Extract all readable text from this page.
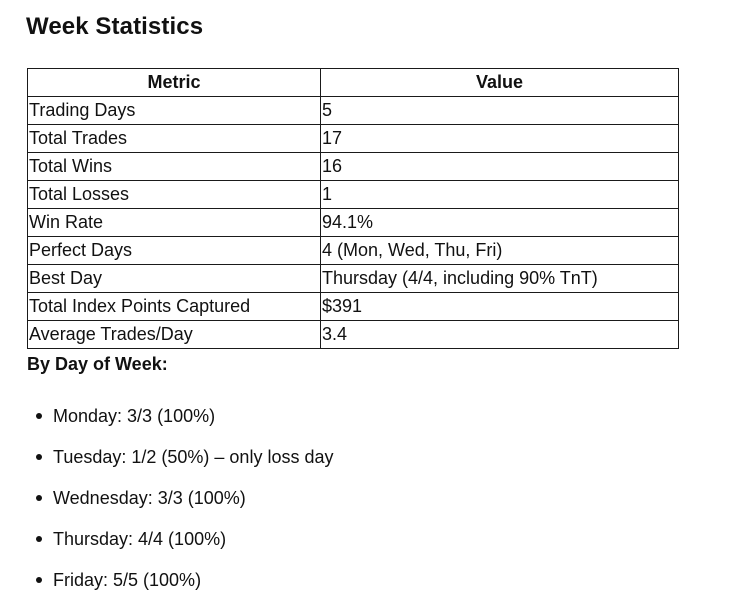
Week Statistics
Metric	Value
Trading Days	5
Total Trades	17
Total Wins	16
Total Losses	1
Win Rate	94.1%
Perfect Days	4 (Mon, Wed, Thu, Fri)
Best Day	Thursday (4/4, including 90% TnT)
Total Index Points Captured	$391
Average Trades/Day	3.4
By Day of Week:
Monday: 3/3 (100%)
Tuesday: 1/2 (50%) – only loss day
Wednesday: 3/3 (100%)
Thursday: 4/4 (100%)
Friday: 5/5 (100%)
